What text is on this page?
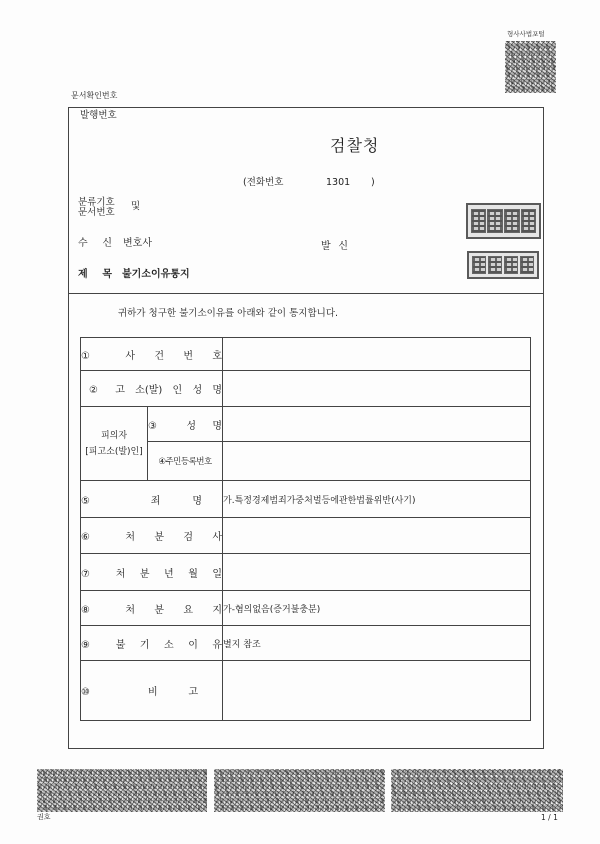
형사사법포털
문서확인번호
발행번호
검찰청
(전화번호	1301 )
분류기호 및
문서번호
수 신 변호사	발 신
제 목 불기소이유통지
귀하가 청구한 불기소이유를 아래와 같이 통지합니다.
① 사 건 번 호		

② 고 소(발) 인 성 명		

피의자
[피고소(발)인]	③ 성 명	

	④주민등록번호	

⑤ 죄 명		가.특정경제범죄가중처벌등에관한법률위반(사기)

⑥ 처 분 검 사		

⑦ 처 분 년 월 일		

⑧ 처 분 요 지		가-혐의없음(증거불충분)

⑨ 불 기 소 이 유		별지 참조

⑩ 비 고		

권호	1 / 1
